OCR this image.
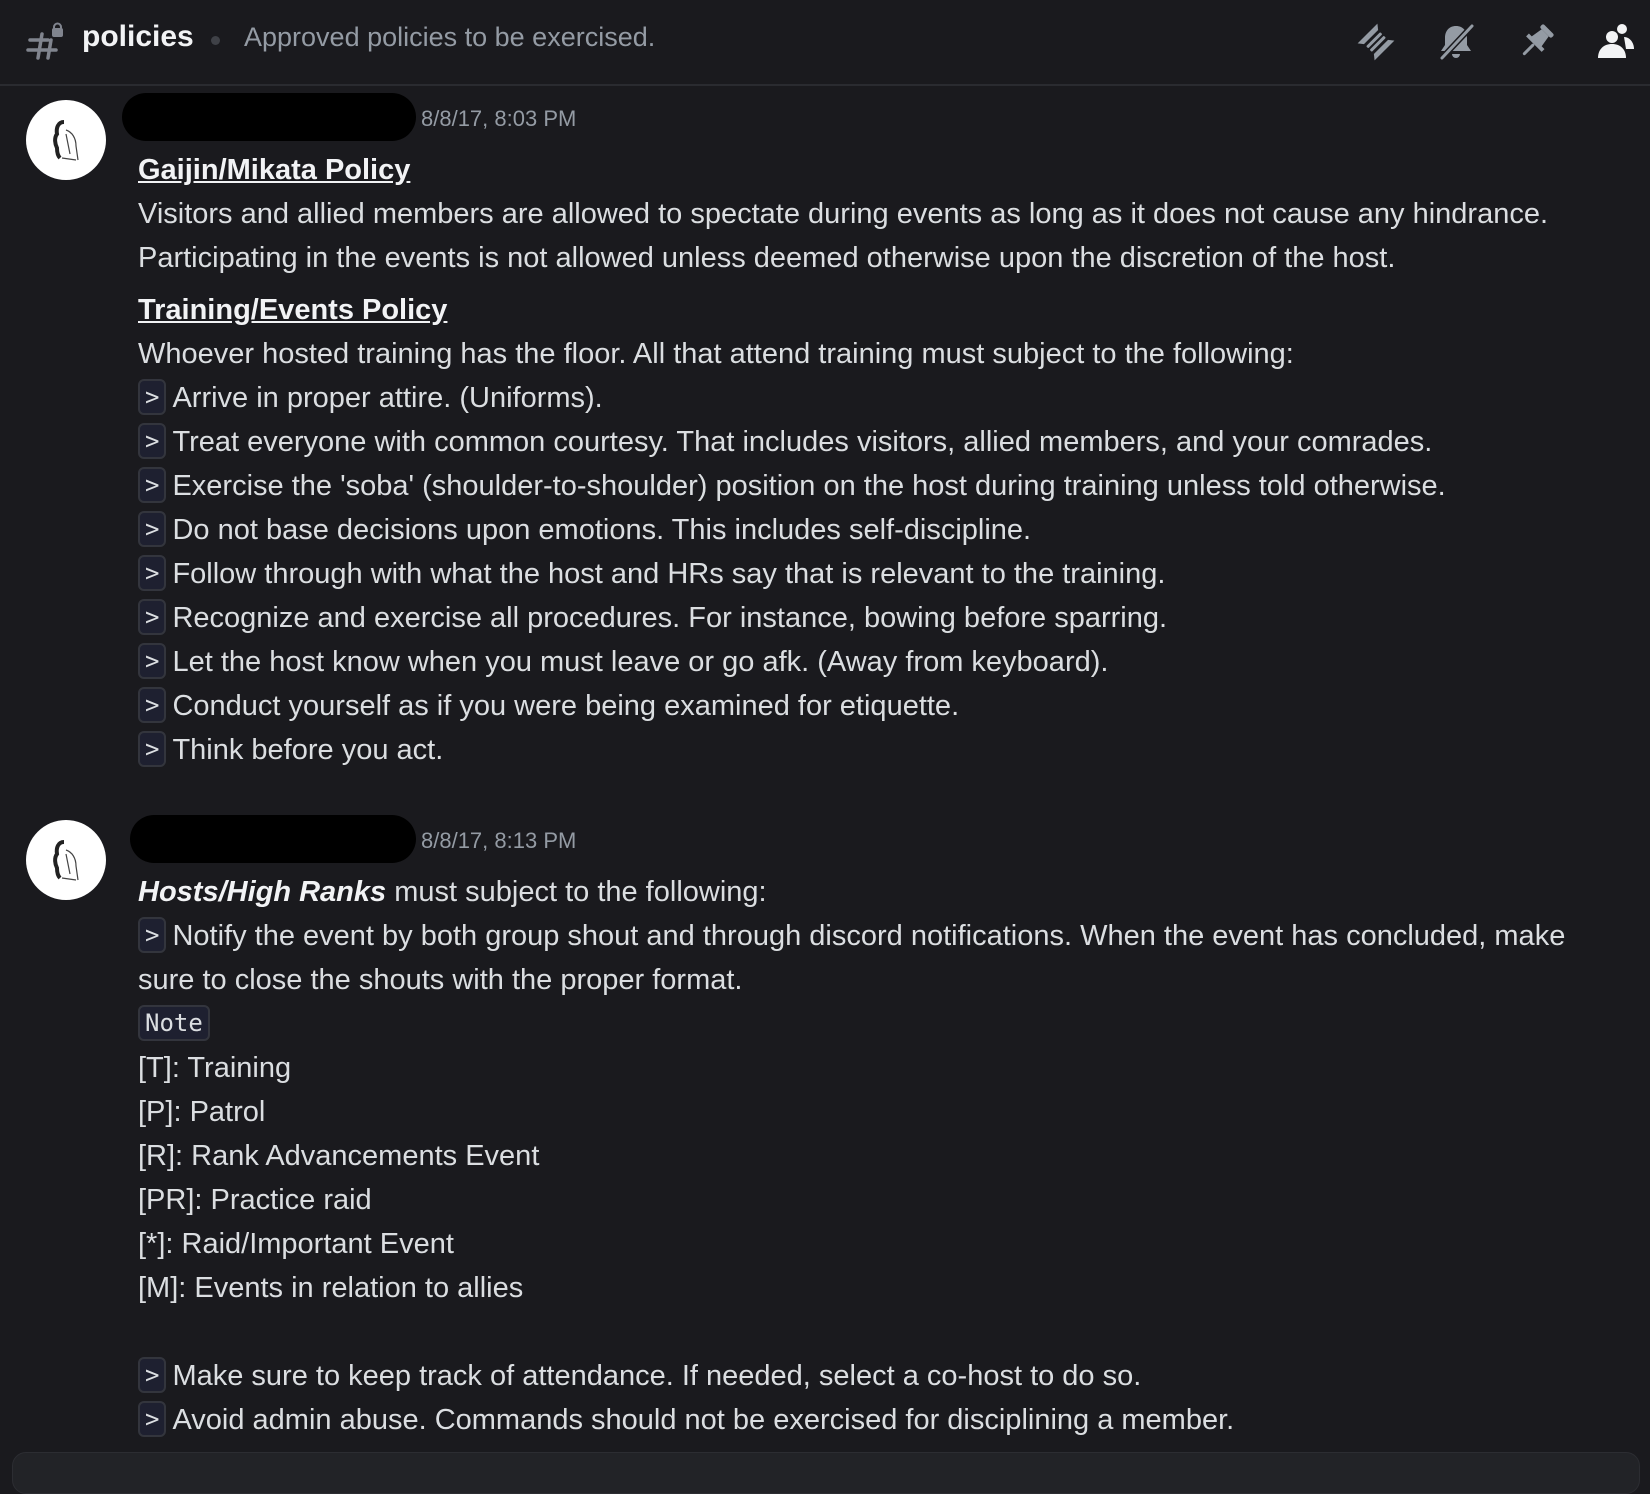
policies Approved policies to be exercised.
8/8/17, 8:03 PM
Gaijin/Mikata Policy
Visitors and allied members are allowed to spectate during events as long as it does not cause any hindrance. Participating in the events is not allowed unless deemed otherwise upon the discretion of the host.
Training/Events Policy
Whoever hosted training has the floor. All that attend training must subject to the following:
> Arrive in proper attire. (Uniforms).
> Treat everyone with common courtesy. That includes visitors, allied members, and your comrades.
> Exercise the 'soba' (shoulder-to-shoulder) position on the host during training unless told otherwise.
> Do not base decisions upon emotions. This includes self-discipline.
> Follow through with what the host and HRs say that is relevant to the training.
> Recognize and exercise all procedures. For instance, bowing before sparring.
> Let the host know when you must leave or go afk. (Away from keyboard).
> Conduct yourself as if you were being examined for etiquette.
> Think before you act.
8/8/17, 8:13 PM
Hosts/High Ranks must subject to the following:
> Notify the event by both group shout and through discord notifications. When the event has concluded, make sure to close the shouts with the proper format.
Note
[T]: Training
[P]: Patrol
[R]: Rank Advancements Event
[PR]: Practice raid
[*]: Raid/Important Event
[M]: Events in relation to allies
> Make sure to keep track of attendance. If needed, select a co-host to do so.
> Avoid admin abuse. Commands should not be exercised for disciplining a member.
